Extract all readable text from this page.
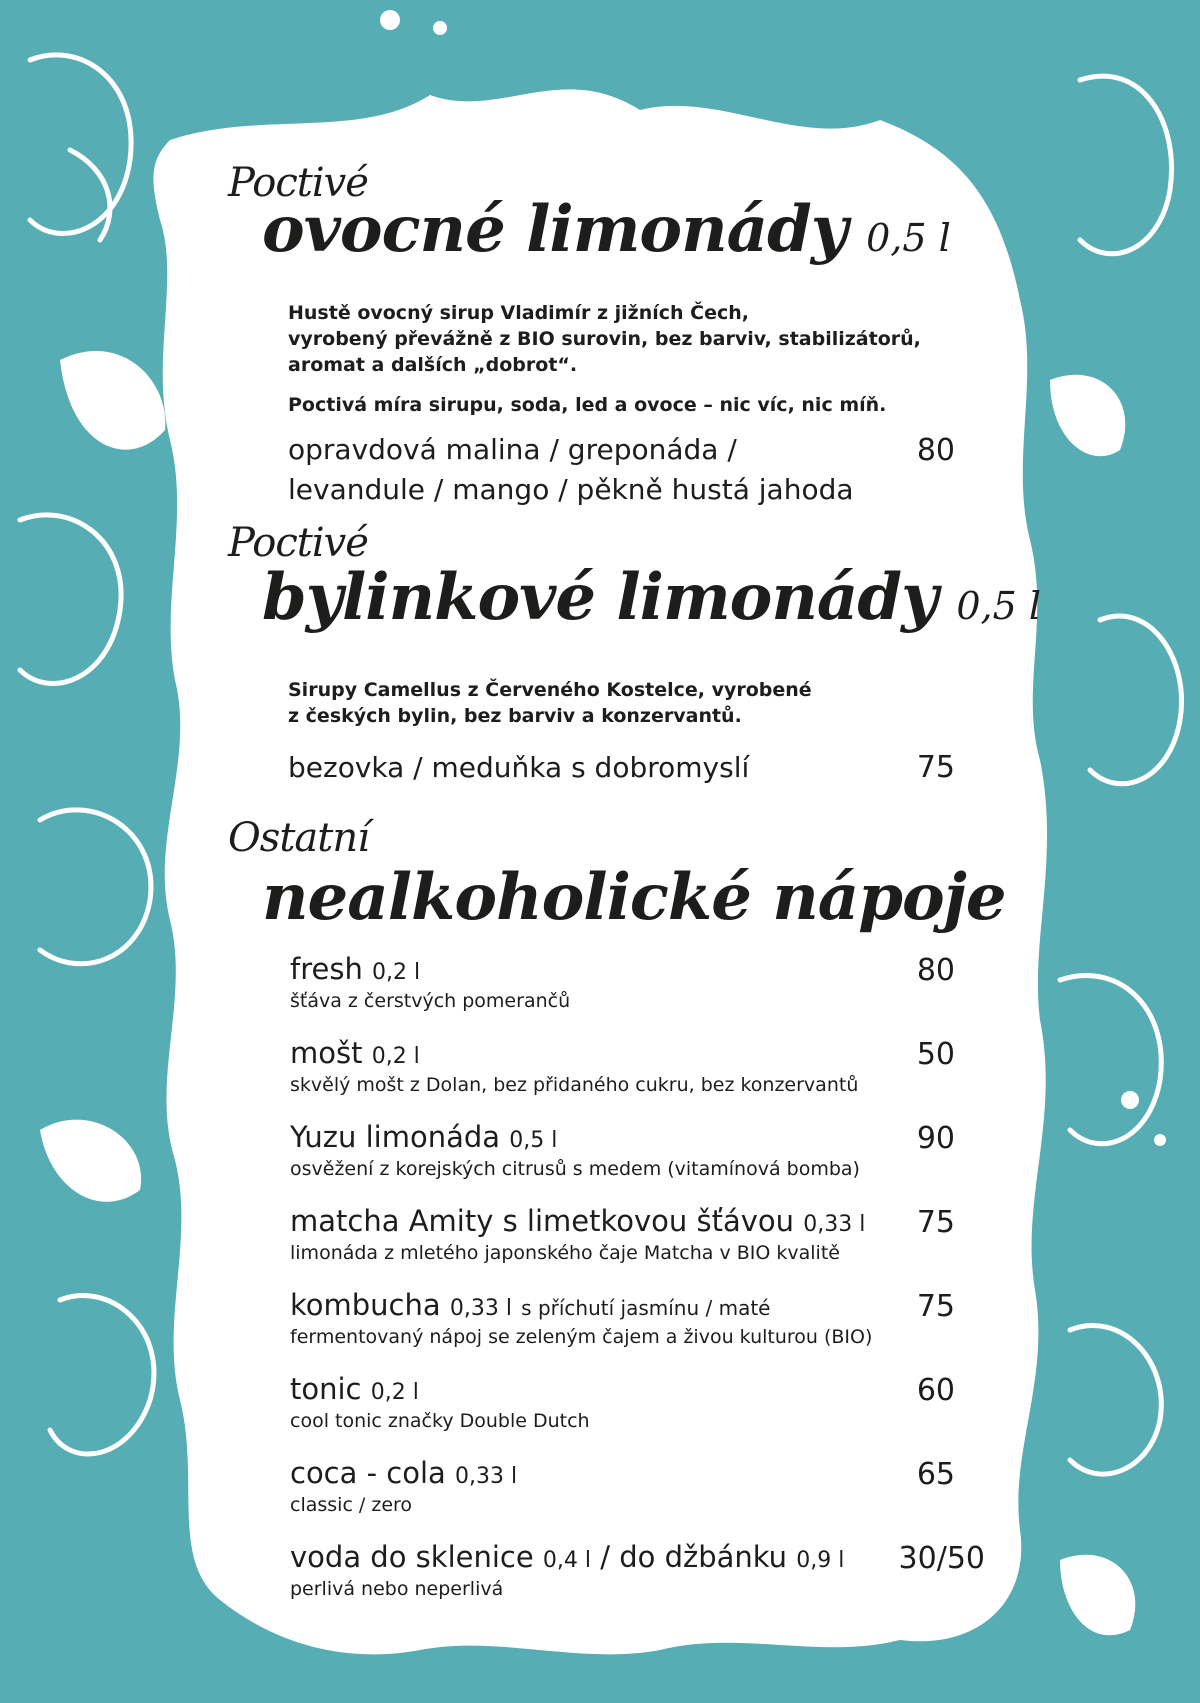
Poctivé
ovocné limonády 0,5 l
Hustě ovocný sirup Vladimír z jižních Čech,
vyrobený převážně z BIO surovin, bez barviv, stabilizátorů,
aromat a dalších „dobrot“.
Poctivá míra sirupu, soda, led a ovoce – nic víc, nic míň.
opravdová malina / greponáda /
levandule / mango / pěkně hustá jahoda
80
Poctivé
bylinkové limonády 0,5 l
Sirupy Camellus z Červeného Kostelce, vyrobené
z českých bylin, bez barviv a konzervantů.
bezovka / meduňka s dobromyslí	75
Ostatní
nealkoholické nápoje
fresh 0,2 l
šťáva z čerstvých pomerančů
mošt 0,2 l
skvělý mošt z Dolan, bez přidaného cukru, bez konzervantů
Yuzu limonáda 0,5 l
osvěžení z korejských citrusů s medem (vitamínová bomba)
matcha Amity s limetkovou šťávou 0,33 l
limonáda z mletého japonského čaje Matcha v BIO kvalitě
kombucha 0,33 l s příchutí jasmínu / maté
fermentovaný nápoj se zeleným čajem a živou kulturou (BIO)
tonic 0,2 l
cool tonic značky Double Dutch
coca - cola 0,33 l
classic / zero
voda do sklenice 0,4 l / do džbánku 0,9 l
perlivá nebo neperlivá
80
50
90
75
75
60
65
30/50
